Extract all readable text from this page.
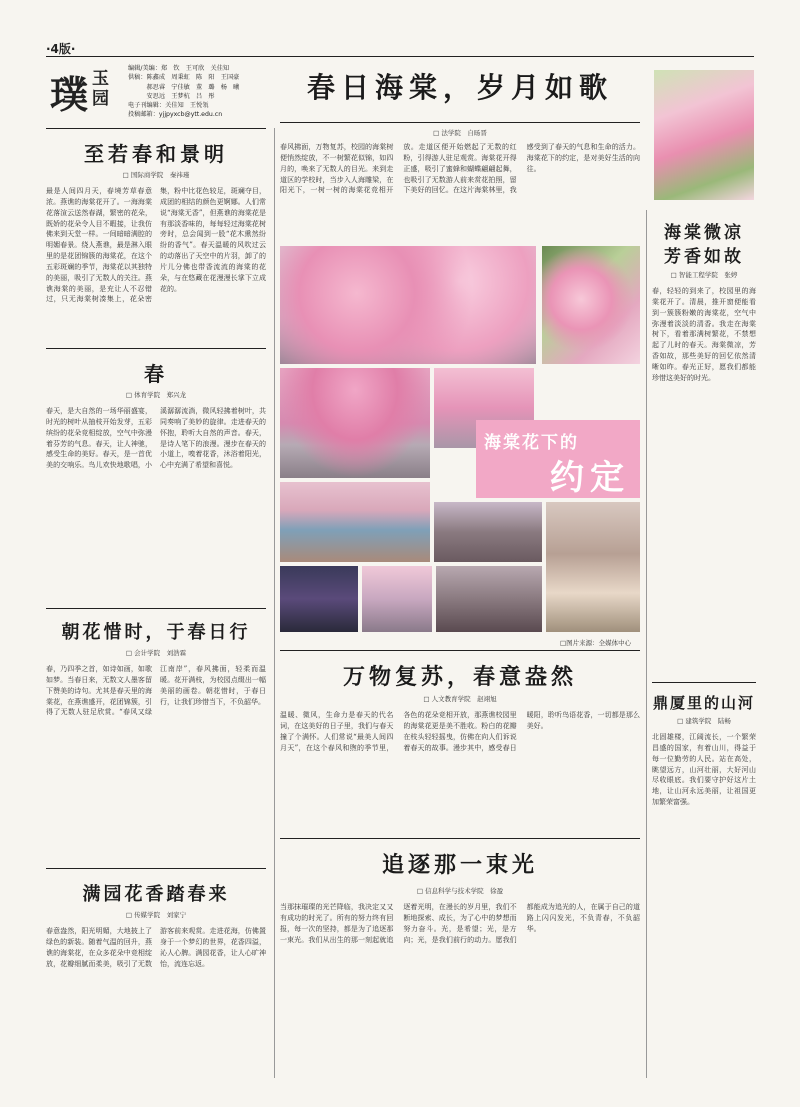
·4版·
璞 玉
园
编辑/美编：郑　钦　王可欣　关佳知
供稿：陈鑫成　周秉虹　陈　阳　王国豪
　　　郝思睿　宁佳敏　董　璐　杨　曦
　　　安思远　王梦杭　吕　彤
电子刊编辑：关佳知　王悦瓴
投稿邮箱：yjjpyxcb@ytt.edu.cn
春日海棠，岁月如歌
至若春和景明
□ 国际商学院　秦祎瑾
最是人间四月天，春境芳草春意浓。燕谯的海棠花开了。一海海棠花落渲云送然春湖，繁密的花朵，既娇的花朵令人目不暇接，让我仿佛来到天堂一样。一间暗暗满腔的明媚春景。绕人燕谯，最是淋入眼里的是花团锦簇的海棠花，在这个五彩斑斓的季节，海棠花以其独特的美丽，吸引了无数人的关注。燕谯海棠的美丽，是充让人不忍错过，只无海棠树凑集上，花朵密集，粉中比花色较足，斑斓夺目，成团的相结的颜色更婀娜。人们常说“海棠无香”，但燕谯的海棠花是有那淡香味的，每每轻过海棠花树旁时，总会闻到一股“花木熏然纷纷的香气”。春天温暖的风吹过云的动落出了天空中的片羽，卸了的片儿分佛也带香流流的海棠的花朵，与在悠藏在花漫漫长掌下立成花的。
春
□ 体育学院　郑兴龙
春天，是大自然的一场华丽盛宴，时光的树叶从抽枝开始发芽，五彩缤纷的花朵竞相绽放，空气中弥漫着芬芳的气息。春天，让人神驰，感受生命的美好。春天，是一首优美的交响乐。鸟儿欢快地歌唱，小溪潺潺流淌，微风轻拂着树叶，共同奏响了美妙的旋律。走进春天的怀抱，聆听大自然的声音。春天，是诗人笔下的浪漫。漫步在春天的小道上，嗅着花香，沐浴着阳光，心中充满了希望和喜悦。
朝花惜时，于春日行
□ 会计学院　刘浩霖
春，乃四季之首，如诗如画，如歌如梦。当春日来，无数文人墨客留下赞美的诗句。尤其是春天里的海棠花，在燕谯盛开，花团锦簇，引得了无数人驻足欣赏。“春风又绿江南岸”，春风拂面，轻柔而温暖。花开满枝，为校园点缀出一幅美丽的画卷。朝花惜时，于春日行，让我们珍惜当下，不负韶华。
满园花香踏春来
□ 传媒学院　刘家宁
春意盎然，阳光明媚，大地披上了绿色的新装。随着气温的回升，燕谯的海棠花，在众多花朵中竞相绽放，花瓣细腻而柔美，吸引了无数游客前来观赏。走进花海，仿佛置身于一个梦幻的世界，花香四溢，沁人心脾。满园花香，让人心旷神怡，流连忘返。
□ 法学院　自旸晋
春风拂面，万物复苏，校园的海棠树便悄然绽放，不一树繁花似锦，如四月的，唤来了无数人的目光。来到走道区的学校时，当步入人海雕梁，在阳光下，一树一树的海棠花竞相开放。走道区便开始燃起了无数的红粉，引得游人驻足观赏。海棠花开得正盛，吸引了蜜蜂和蝴蝶翩翩起舞，也吸引了无数游人前来赏花拍照，留下美好的回忆。在这片海棠林里，我感受到了春天的气息和生命的活力。海棠花下的约定，是对美好生活的向往。
海棠花下的
约定
□图片来源：全媒体中心
万物复苏，春意盎然
□ 人文教育学院　赵翊旭
温暖、微风，生命力是春天的代名词，在这美好的日子里，我们与春天撞了个满怀。人们常说“最美人间四月天”，在这个春风和煦的季节里，各色的花朵竞相开放，那燕谯校园里的海棠花更是美不胜收。粉白的花瓣在枝头轻轻摇曳，仿佛在向人们诉说着春天的故事。漫步其中，感受春日暖阳，聆听鸟语花香，一切都是那么美好。
追逐那一束光
□ 信息科学与技术学院　徐盈
当那抹璀璨的光芒降临，我决定又又有成功的时光了。所有的努力终有回报，每一次的坚持，都是为了追逐那一束光。我们从出生的那一刻起就追逐着光明，在漫长的岁月里，我们不断地探索、成长，为了心中的梦想而努力奋斗。光，是希望；光，是方向；光，是我们前行的动力。愿我们都能成为追光的人，在属于自己的道路上闪闪发光，不负青春，不负韶华。
海棠微凉
芳香如故
□ 智能工程学院　张婷
春，轻轻的到来了，校园里的海棠花开了。清晨，推开窗便能看到一簇簇粉嫩的海棠花，空气中弥漫着淡淡的清香。我走在海棠树下，看着那满树繁花，不禁想起了儿时的春天。海棠微凉，芳香如故，那些美好的回忆依然清晰如昨。春光正好，愿我们都能珍惜这美好的时光。
鼎厦里的山河
□ 建筑学院　陆畅
北固雄楼，江阔流长，一个繁荣昌盛的国家，有着山川，得益于每一位勤劳的人民。站在高处，眺望远方，山河壮丽，大好河山尽收眼底。我们要守护好这片土地，让山河永远美丽，让祖国更加繁荣富强。
